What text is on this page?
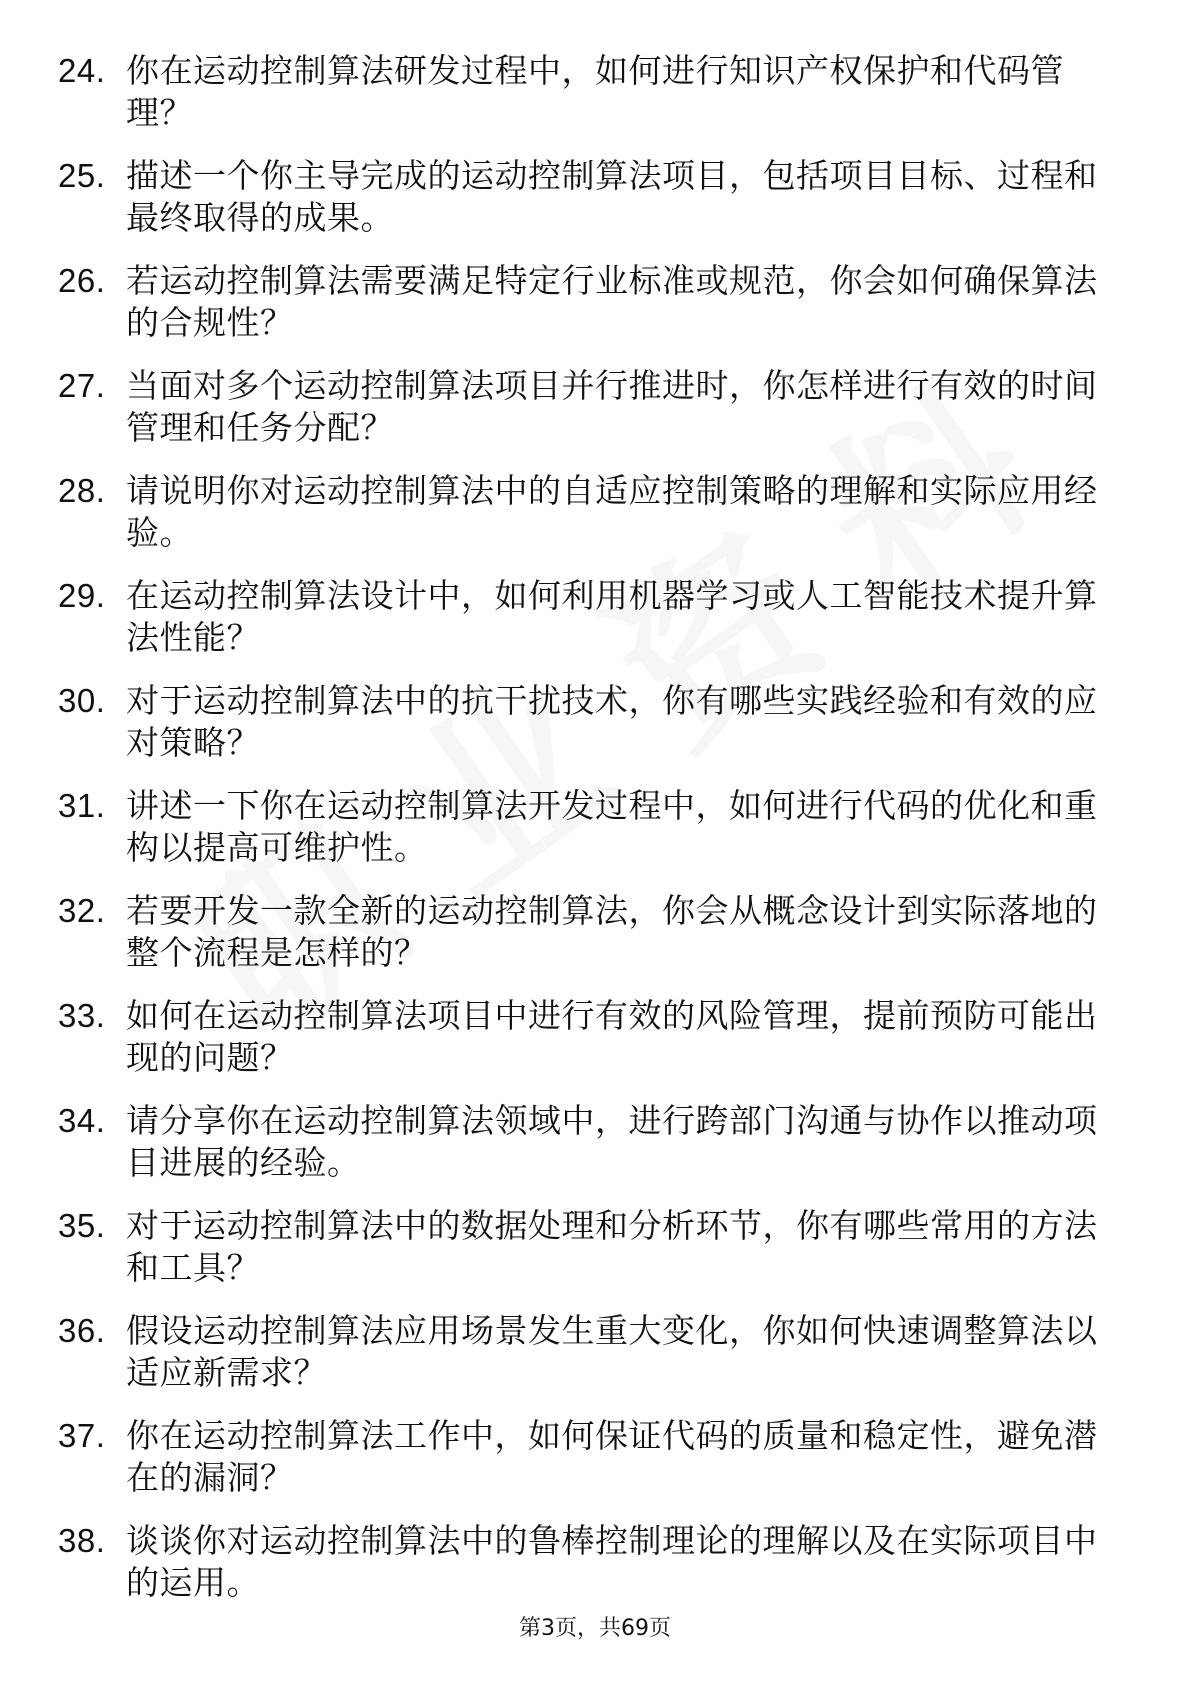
24. 你在运动控制算法研发过程中，如何进行知识产权保护和代码管理？
25. 描述一个你主导完成的运动控制算法项目，包括项目目标、过程和最终取得的成果。
26. 若运动控制算法需要满足特定行业标准或规范，你会如何确保算法的合规性？
27. 当面对多个运动控制算法项目并行推进时，你怎样进行有效的时间管理和任务分配？
28. 请说明你对运动控制算法中的自适应控制策略的理解和实际应用经验。
29. 在运动控制算法设计中，如何利用机器学习或人工智能技术提升算法性能？
30. 对于运动控制算法中的抗干扰技术，你有哪些实践经验和有效的应对策略？
31. 讲述一下你在运动控制算法开发过程中，如何进行代码的优化和重构以提高可维护性。
32. 若要开发一款全新的运动控制算法，你会从概念设计到实际落地的整个流程是怎样的？
33. 如何在运动控制算法项目中进行有效的风险管理，提前预防可能出现的问题？
34. 请分享你在运动控制算法领域中，进行跨部门沟通与协作以推动项目进展的经验。
35. 对于运动控制算法中的数据处理和分析环节，你有哪些常用的方法和工具？
36. 假设运动控制算法应用场景发生重大变化，你如何快速调整算法以适应新需求？
37. 你在运动控制算法工作中，如何保证代码的质量和稳定性，避免潜在的漏洞？
38. 谈谈你对运动控制算法中的鲁棒控制理论的理解以及在实际项目中的运用。
第3页，共69页
